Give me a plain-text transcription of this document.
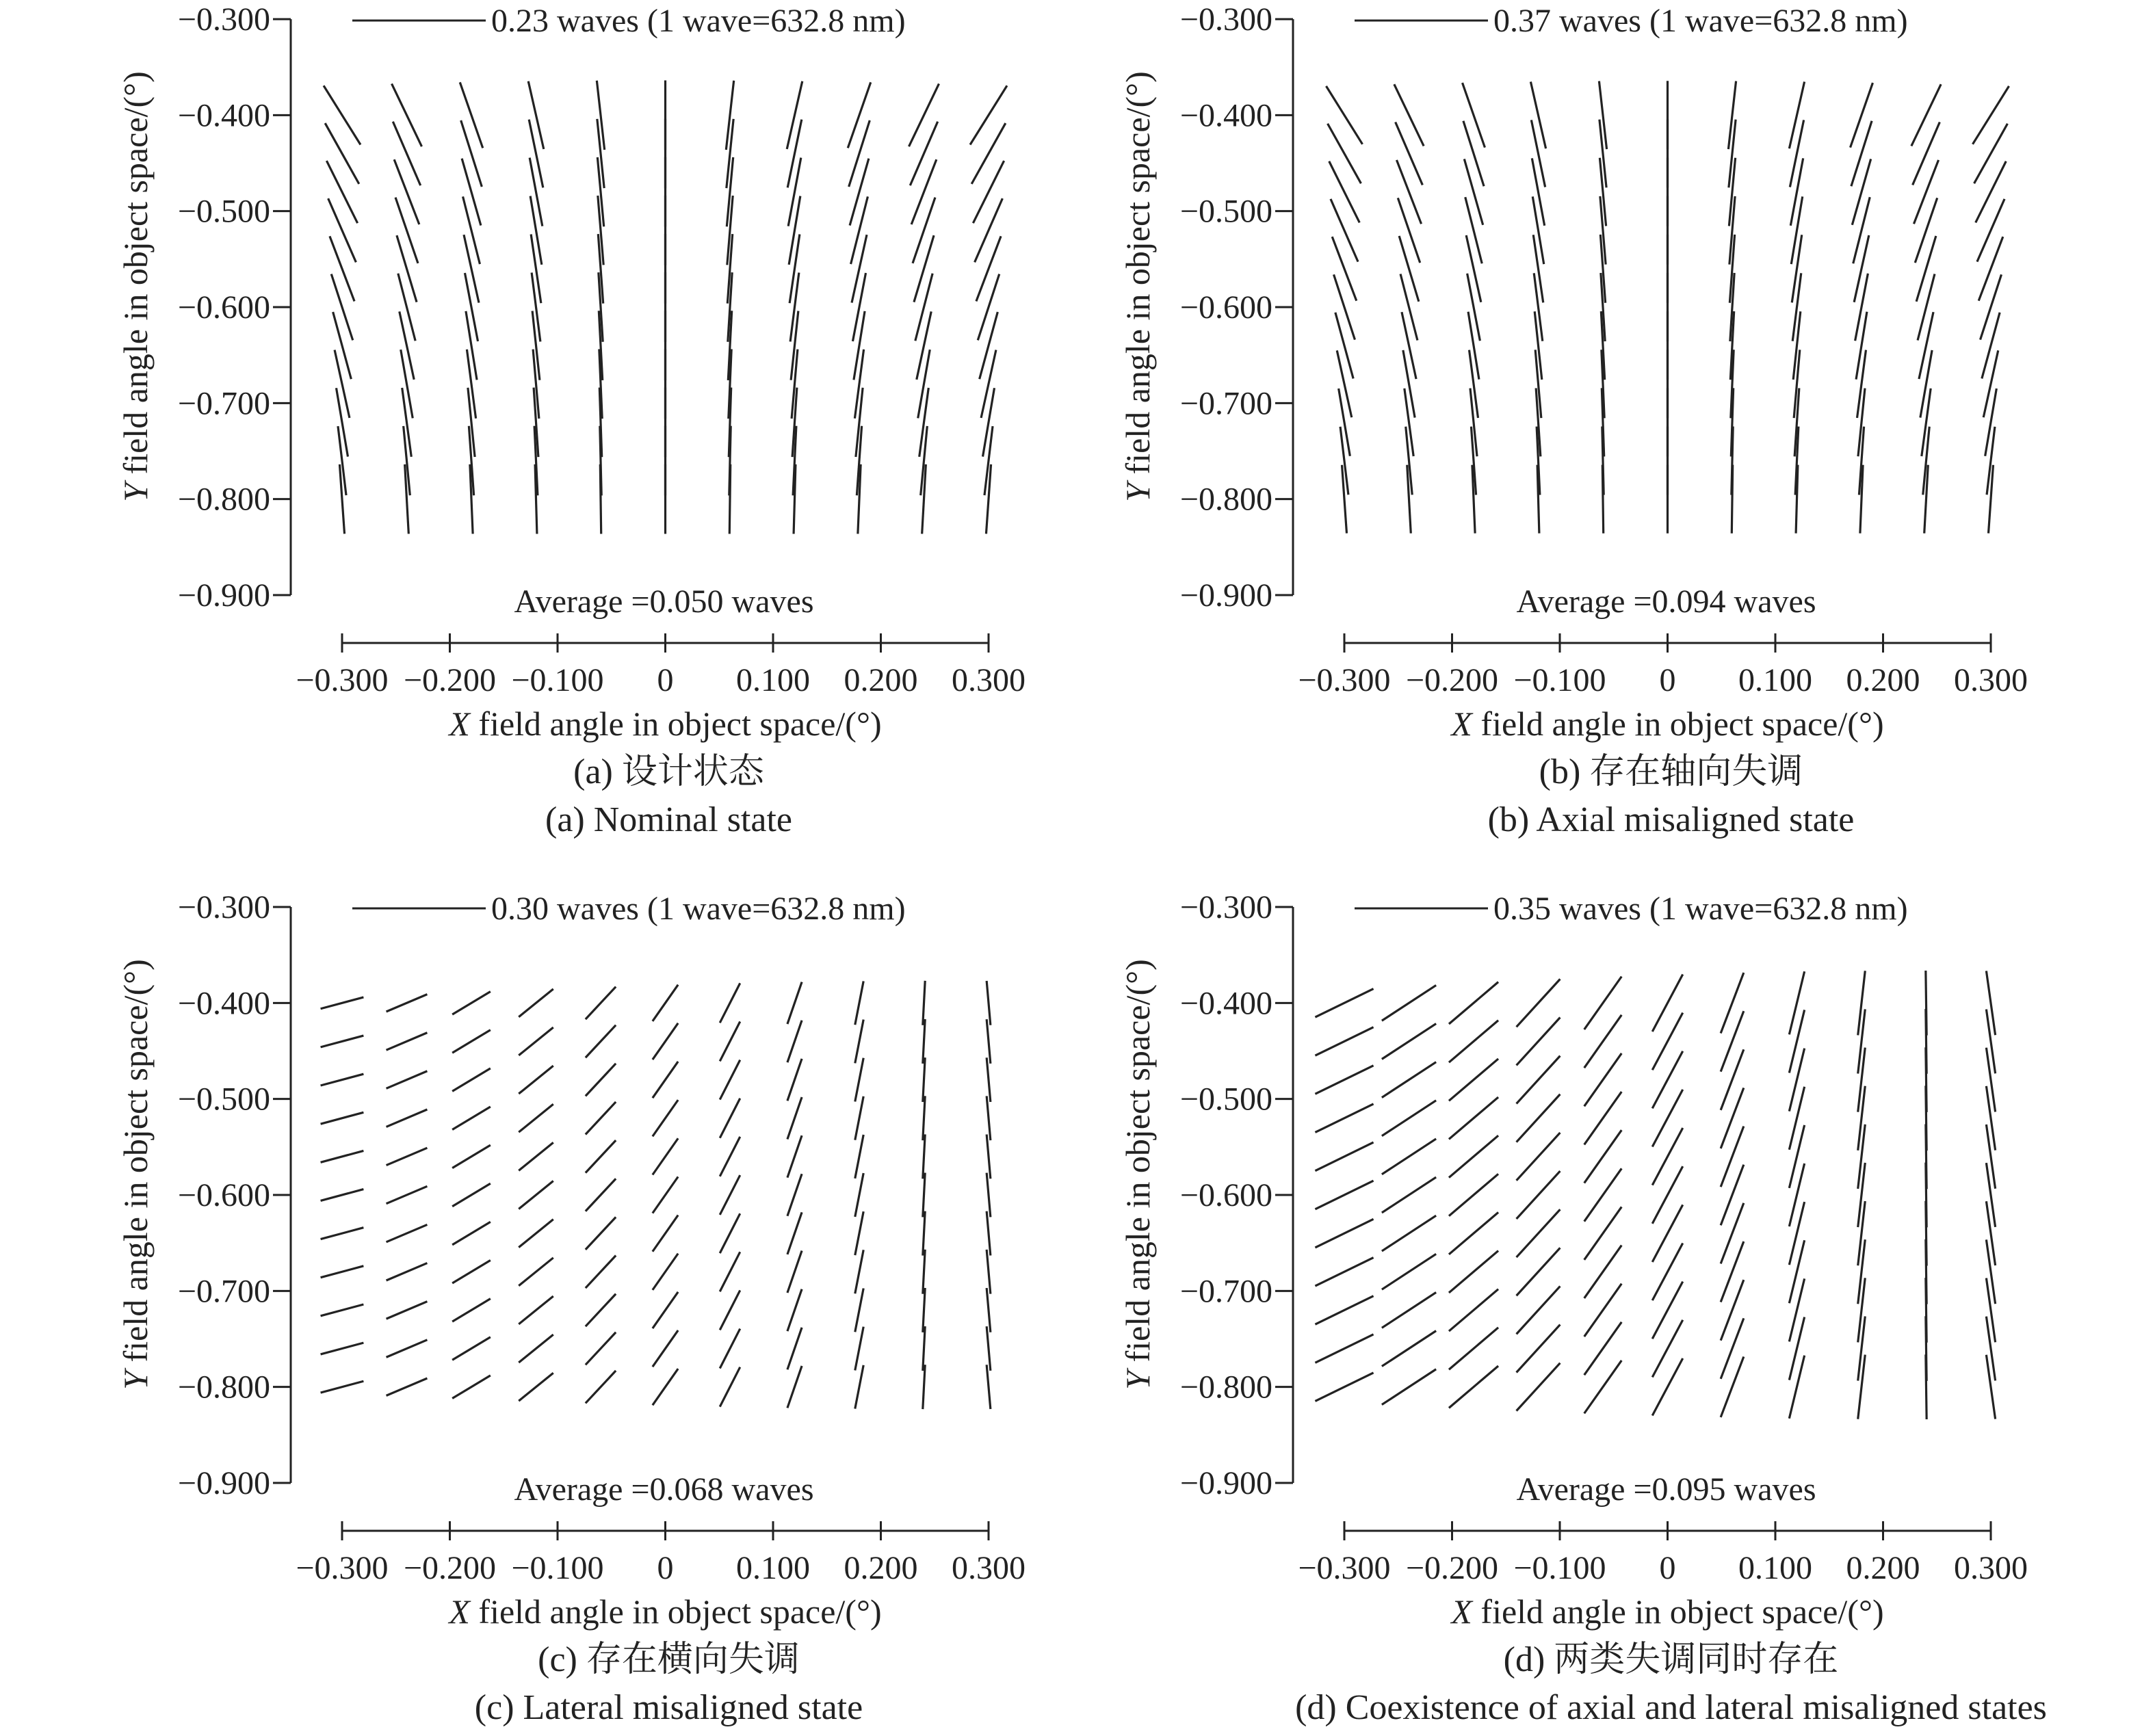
−0.300
−0.400
−0.500
−0.600
−0.700
−0.800
−0.900
−0.300 −0.200 −0.100 0 0.100 0.200 0.300
X field angle in object space/(°)
Y field angle in object space/(°)
0.23 waves (1 wave=632.8 nm)
Average =0.050 waves
(a) 设计状态
(a) Nominal state
−0.300
−0.400
−0.500
−0.600
−0.700
−0.800
−0.900
−0.300 −0.200 −0.100 0 0.100 0.200 0.300
X field angle in object space/(°)
Y field angle in object space/(°)
0.37 waves (1 wave=632.8 nm)
Average =0.094 waves
(b) 存在轴向失调
(b) Axial misaligned state
−0.300
−0.400
−0.500
−0.600
−0.700
−0.800
−0.900
−0.300 −0.200 −0.100 0 0.100 0.200 0.300
X field angle in object space/(°)
Y field angle in object space/(°)
0.30 waves (1 wave=632.8 nm)
Average =0.068 waves
(c) 存在横向失调
(c) Lateral misaligned state
−0.300
−0.400
−0.500
−0.600
−0.700
−0.800
−0.900
−0.300 −0.200 −0.100 0 0.100 0.200 0.300
X field angle in object space/(°)
Y field angle in object space/(°)
0.35 waves (1 wave=632.8 nm)
Average =0.095 waves
(d) 两类失调同时存在
(d) Coexistence of axial and lateral misaligned states
